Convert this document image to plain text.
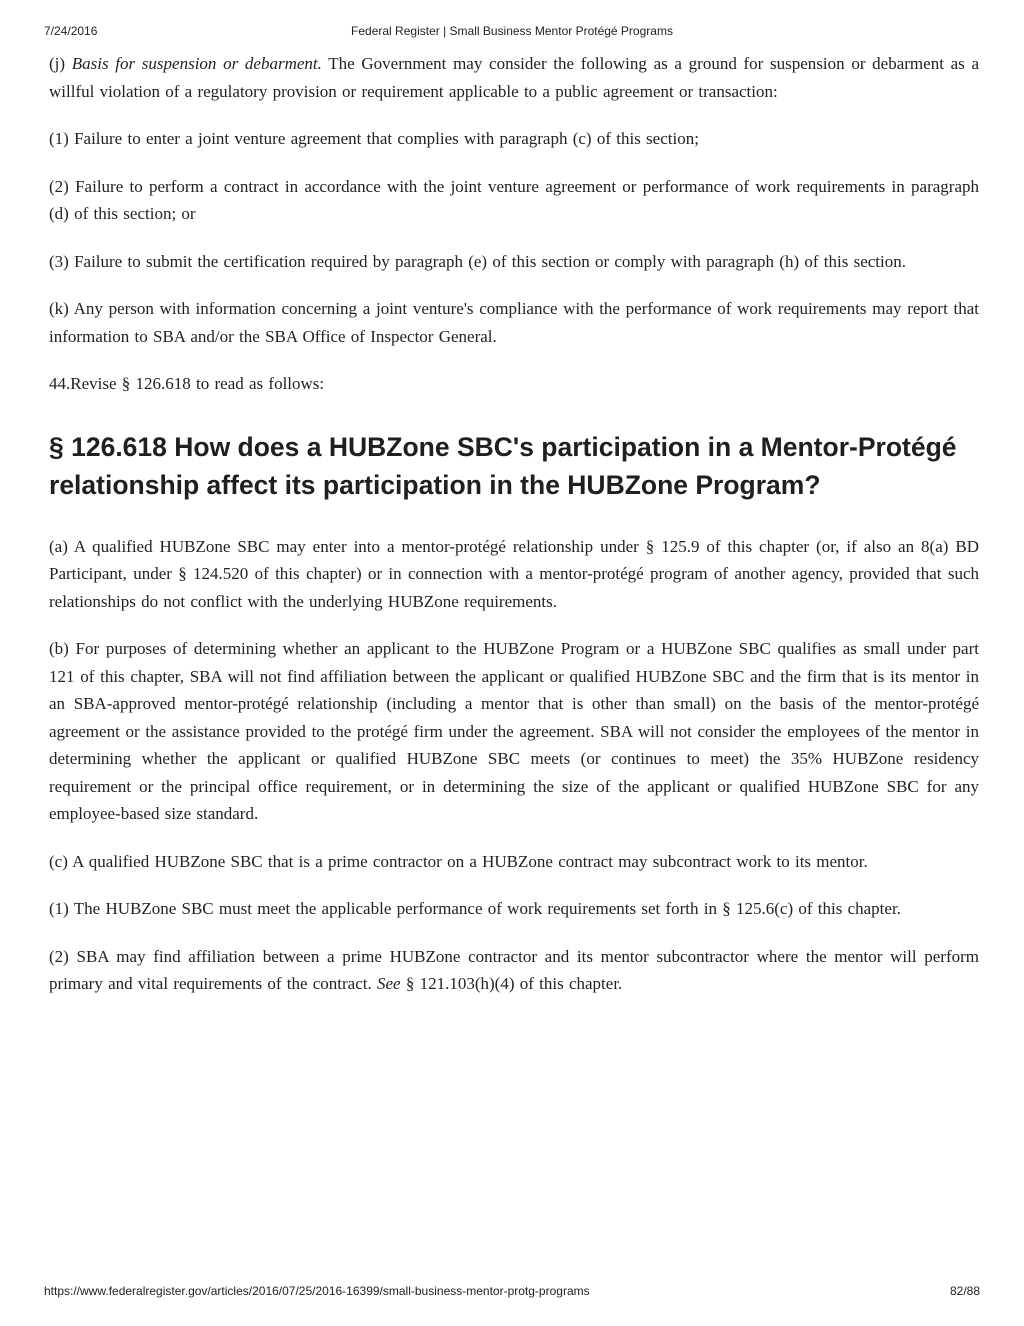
7/24/2016	Federal Register | Small Business Mentor Protégé Programs

(j) Basis for suspension or debarment. The Government may consider the following as a ground for suspension or debarment as a willful violation of a regulatory provision or requirement applicable to a public agreement or transaction:

(1) Failure to enter a joint venture agreement that complies with paragraph (c) of this section;

(2) Failure to perform a contract in accordance with the joint venture agreement or performance of work requirements in paragraph (d) of this section; or

(3) Failure to submit the certification required by paragraph (e) of this section or comply with paragraph (h) of this section.

(k) Any person with information concerning a joint venture's compliance with the performance of work requirements may report that information to SBA and/or the SBA Office of Inspector General.

44.Revise § 126.618 to read as follows:

§ 126.618 How does a HUBZone SBC's participation in a Mentor-Protégé relationship affect its participation in the HUBZone Program?

(a) A qualified HUBZone SBC may enter into a mentor-protégé relationship under § 125.9 of this chapter (or, if also an 8(a) BD Participant, under § 124.520 of this chapter) or in connection with a mentor-protégé program of another agency, provided that such relationships do not conflict with the underlying HUBZone requirements.

(b) For purposes of determining whether an applicant to the HUBZone Program or a HUBZone SBC qualifies as small under part 121 of this chapter, SBA will not find affiliation between the applicant or qualified HUBZone SBC and the firm that is its mentor in an SBA-approved mentor-protégé relationship (including a mentor that is other than small) on the basis of the mentor-protégé agreement or the assistance provided to the protégé firm under the agreement. SBA will not consider the employees of the mentor in determining whether the applicant or qualified HUBZone SBC meets (or continues to meet) the 35% HUBZone residency requirement or the principal office requirement, or in determining the size of the applicant or qualified HUBZone SBC for any employee-based size standard.

(c) A qualified HUBZone SBC that is a prime contractor on a HUBZone contract may subcontract work to its mentor.

(1) The HUBZone SBC must meet the applicable performance of work requirements set forth in § 125.6(c) of this chapter.

(2) SBA may find affiliation between a prime HUBZone contractor and its mentor subcontractor where the mentor will perform primary and vital requirements of the contract. See § 121.103(h)(4) of this chapter.

https://www.federalregister.gov/articles/2016/07/25/2016-16399/small-business-mentor-protg-programs	82/88
